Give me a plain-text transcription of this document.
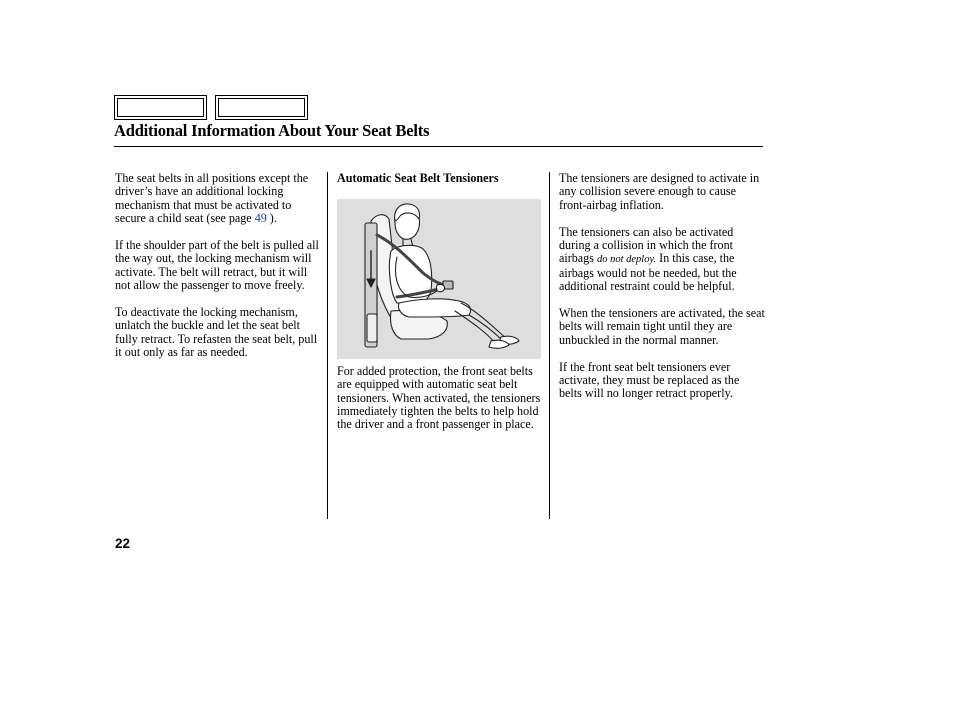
Additional Information About Your Seat Belts

The seat belts in all positions except the driver’s have an additional locking mechanism that must be activated to secure a child seat (see page 49 ).

If the shoulder part of the belt is pulled all the way out, the locking mechanism will activate. The belt will retract, but it will not allow the passenger to move freely.

To deactivate the locking mechanism, unlatch the buckle and let the seat belt fully retract. To refasten the seat belt, pull it out only as far as needed.

Automatic Seat Belt Tensioners

For added protection, the front seat belts are equipped with automatic seat belt tensioners. When activated, the tensioners immediately tighten the belts to help hold the driver and a front passenger in place.

The tensioners are designed to activate in any collision severe enough to cause front-airbag inflation.

The tensioners can also be activated during a collision in which the front airbags do not deploy. In this case, the airbags would not be needed, but the additional restraint could be helpful.

When the tensioners are activated, the seat belts will remain tight until they are unbuckled in the normal manner.

If the front seat belt tensioners ever activate, they must be replaced as the belts will no longer retract properly.

22
